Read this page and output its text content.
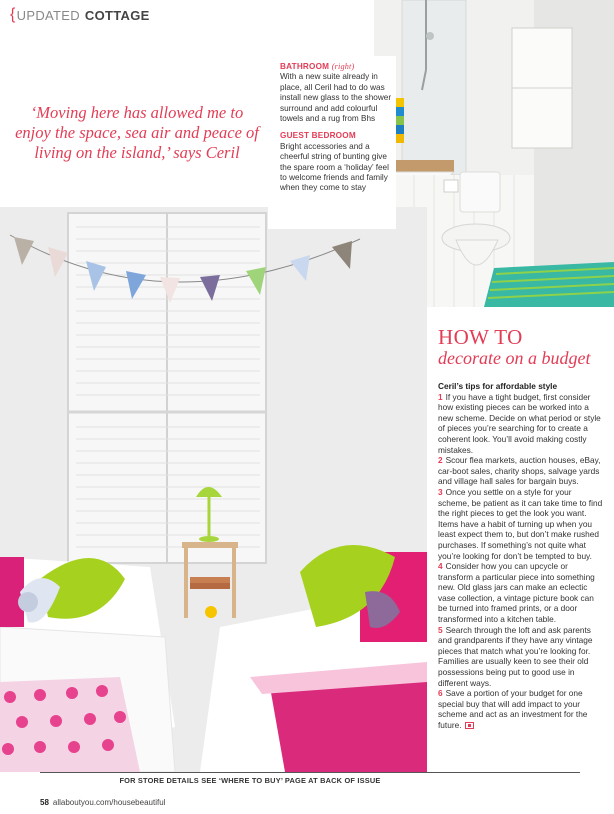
{ UPDATED COTTAGE
‘Moving here has allowed me to enjoy the space, sea air and peace of living on the island,’ says Ceril
BATHROOM (right)
With a new suite already in place, all Ceril had to do was install new glass to the shower surround and add colourful towels and a rug from Bhs
GUEST BEDROOM
Bright accessories and a cheerful string of bunting give the spare room a ‘holiday’ feel to welcome friends and family when they come to stay
HOW TO
decorate on a budget
Ceril’s tips for affordable style
1 If you have a tight budget, first consider how existing pieces can be worked into a new scheme. Decide on what period or style of pieces you’re searching for to create a coherent look. You’ll avoid making costly mistakes.
2 Scour flea markets, auction houses, eBay, car-boot sales, charity shops, salvage yards and village hall sales for bargain buys.
3 Once you settle on a style for your scheme, be patient as it can take time to find the right pieces to get the look you want. Items have a habit of turning up when you least expect them to, but don’t make rushed purchases. If something’s not quite what you’re looking for don’t be tempted to buy.
4 Consider how you can upcycle or transform a particular piece into something new. Old glass jars can make an eclectic vase collection, a vintage picture book can be turned into framed prints, or a door transformed into a kitchen table.
5 Search through the loft and ask parents and grandparents if they have any vintage pieces that match what you’re looking for. Families are usually keen to see their old possessions being put to good use in different ways.
6 Save a portion of your budget for one special buy that will add impact to your scheme and act as an investment for the future.
FOR STORE DETAILS SEE ‘WHERE TO BUY’ PAGE AT BACK OF ISSUE
58 allaboutyou.com/housebeautiful
